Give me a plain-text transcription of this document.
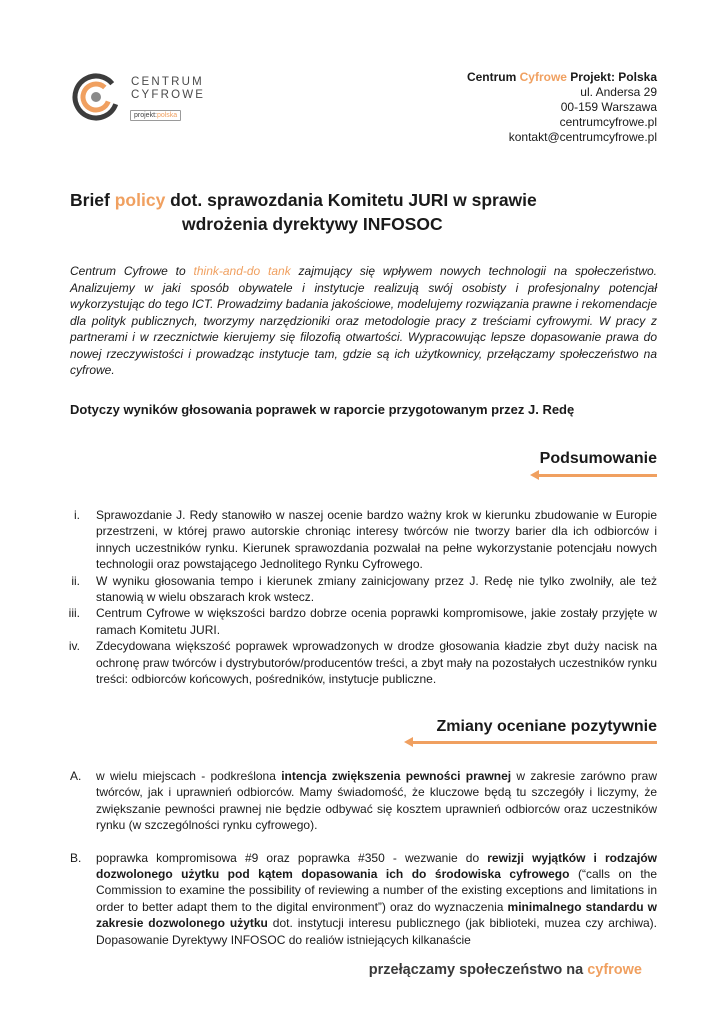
CENTRUM
CYFROWE
projekt:polska
Centrum Cyfrowe Projekt: Polska
ul. Andersa 29
00-159 Warszawa
centrumcyfrowe.pl
kontakt@centrumcyfrowe.pl
Brief policy dot. sprawozdania Komitetu JURI w sprawie
wdrożenia dyrektywy INFOSOC
Centrum Cyfrowe to think-and-do tank zajmujący się wpływem nowych technologii na społeczeństwo. Analizujemy w jaki sposób obywatele i instytucje realizują swój osobisty i profesjonalny potencjał wykorzystując do tego ICT. Prowadzimy badania jakościowe, modelujemy rozwiązania prawne i rekomendacje dla polityk publicznych, tworzymy narzędzioniki oraz metodologie pracy z treściami cyfrowymi. W pracy z partnerami i w rzecznictwie kierujemy się filozofią otwartości. Wypracowując lepsze dopasowanie prawa do nowej rzeczywistości i prowadząc instytucje tam, gdzie są ich użytkownicy, przełączamy społeczeństwo na cyfrowe.
Dotyczy wyników głosowania poprawek w raporcie przygotowanym przez J. Redę
Podsumowanie
i. Sprawozdanie J. Redy stanowiło w naszej ocenie bardzo ważny krok w kierunku zbudowanie w Europie przestrzeni, w której prawo autorskie chroniąc interesy twórców nie tworzy barier dla ich odbiorców i innych uczestników rynku. Kierunek sprawozdania pozwalał na pełne wykorzystanie potencjału nowych technologii oraz powstającego Jednolitego Rynku Cyfrowego.
ii. W wyniku głosowania tempo i kierunek zmiany zainicjowany przez J. Redę nie tylko zwolniły, ale też stanowią w wielu obszarach krok wstecz.
iii. Centrum Cyfrowe w większości bardzo dobrze ocenia poprawki kompromisowe, jakie zostały przyjęte w ramach Komitetu JURI.
iv. Zdecydowana większość poprawek wprowadzonych w drodze głosowania kładzie zbyt duży nacisk na ochronę praw twórców i dystrybutorów/producentów treści, a zbyt mały na pozostałych uczestników rynku treści: odbiorców końcowych, pośredników, instytucje publiczne.
Zmiany oceniane pozytywnie
A. w wielu miejscach - podkreślona intencja zwiększenia pewności prawnej w zakresie zarówno praw twórców, jak i uprawnień odbiorców. Mamy świadomość, że kluczowe będą tu szczegóły i liczymy, że zwiększanie pewności prawnej nie będzie odbywać się kosztem uprawnień odbiorców oraz uczestników rynku (w szczególności rynku cyfrowego).
B. poprawka kompromisowa #9 oraz poprawka #350 - wezwanie do rewizji wyjątków i rodzajów dozwolonego użytku pod kątem dopasowania ich do środowiska cyfrowego (“calls on the Commission to examine the possibility of reviewing a number of the existing exceptions and limitations in order to better adapt them to the digital environment”) oraz do wyznaczenia minimalnego standardu w zakresie dozwolonego użytku dot. instytucji interesu publicznego (jak biblioteki, muzea czy archiwa). Dopasowanie Dyrektywy INFOSOC do realiów istniejących kilkanaście
przełączamy społeczeństwo na cyfrowe
